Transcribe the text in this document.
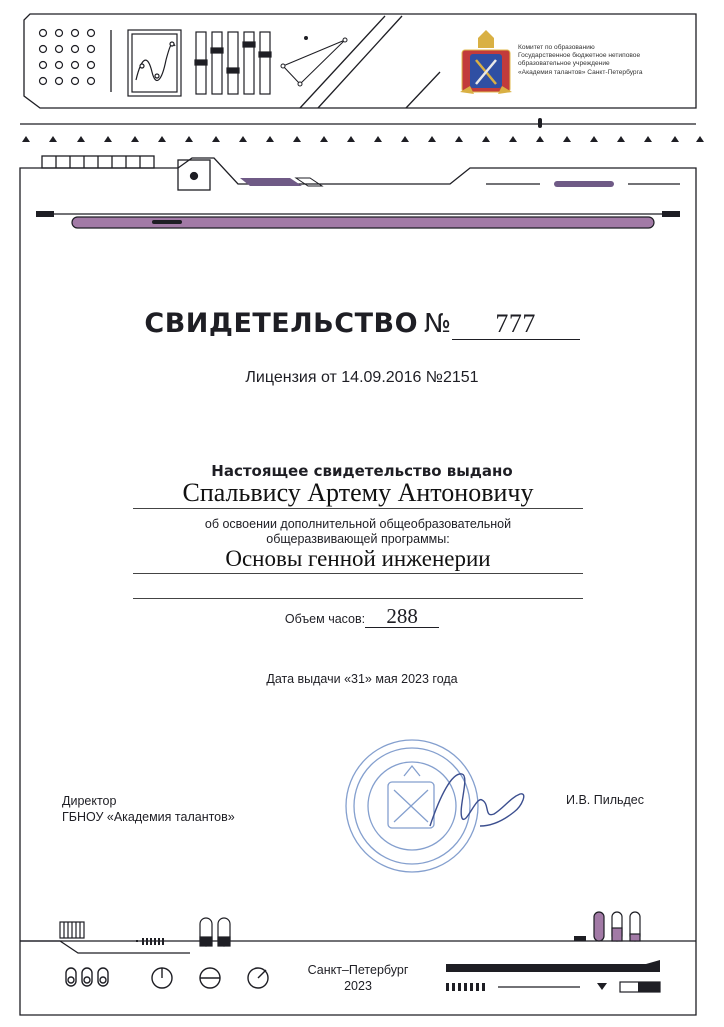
Комитет по образованию
Государственное бюджетное нетиповое
образовательное учреждение
«Академия талантов» Санкт-Петербурга
СВИДЕТЕЛЬСТВО № 777
Лицензия от 14.09.2016 №2151
Настоящее свидетельство выдано
Спальвису Артему Антоновичу
об освоении дополнительной общеобразовательной
общеразвивающей программы:
Основы генной инженерии
Объем часов: 288
Дата выдачи «31» мая 2023 года
Директор
ГБНОУ «Академия талантов»
И.В. Пильдес
Санкт–Петербург
2023
